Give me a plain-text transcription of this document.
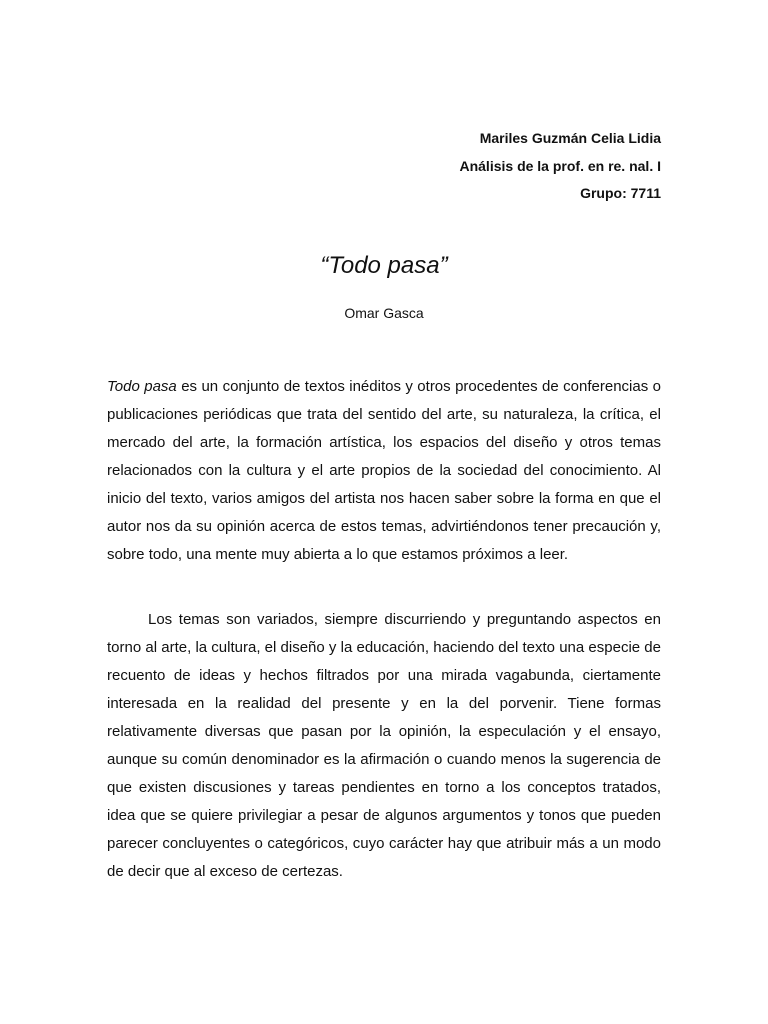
Mariles Guzmán Celia Lidia
Análisis de la prof. en re. nal. I
Grupo: 7711
“Todo pasa”
Omar Gasca

Todo pasa es un conjunto de textos inéditos y otros procedentes de conferencias o publicaciones periódicas que trata del sentido del arte, su naturaleza, la crítica, el mercado del arte, la formación artística, los espacios del diseño y otros temas relacionados con la cultura y el arte propios de la sociedad del conocimiento. Al inicio del texto, varios amigos del artista nos hacen saber sobre la forma en que el autor nos da su opinión acerca de estos temas, advirtiéndonos tener precaución y, sobre todo, una mente muy abierta a lo que estamos próximos a leer.

Los temas son variados, siempre discurriendo y preguntando aspectos en torno al arte, la cultura, el diseño y la educación, haciendo del texto una especie de recuento de ideas y hechos filtrados por una mirada vagabunda, ciertamente interesada en la realidad del presente y en la del porvenir. Tiene formas relativamente diversas que pasan por la opinión, la especulación y el ensayo, aunque su común denominador es la afirmación o cuando menos la sugerencia de que existen discusiones y tareas pendientes en torno a los conceptos tratados, idea que se quiere privilegiar a pesar de algunos argumentos y tonos que pueden parecer concluyentes o categóricos, cuyo carácter hay que atribuir más a un modo de decir que al exceso de certezas.
